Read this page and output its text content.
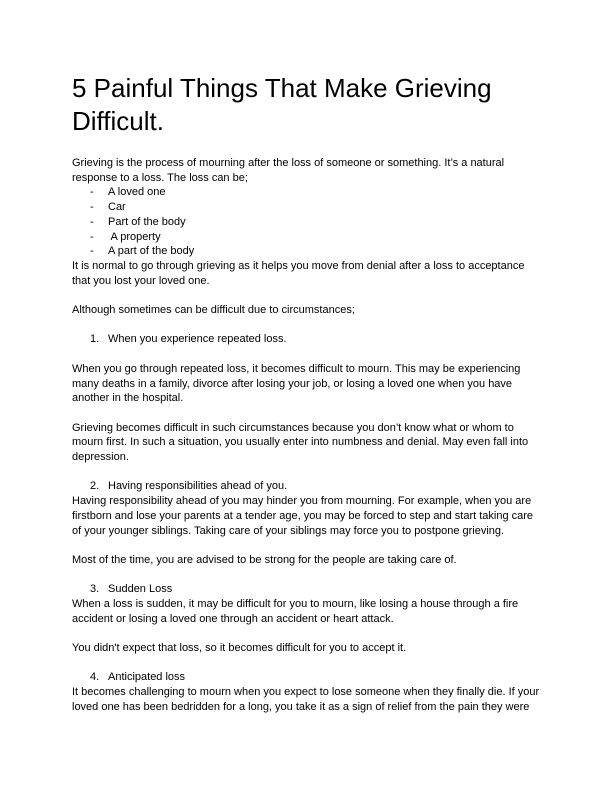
5 Painful Things That Make Grieving Difficult.

Grieving is the process of mourning after the loss of someone or something. It’s a natural response to a loss. The loss can be;

- A loved one
- Car
- Part of the body
- A property
- A part of the body

It is normal to go through grieving as it helps you move from denial after a loss to acceptance that you lost your loved one.

Although sometimes can be difficult due to circumstances;

1. When you experience repeated loss.

When you go through repeated loss, it becomes difficult to mourn. This may be experiencing many deaths in a family, divorce after losing your job, or losing a loved one when you have another in the hospital.

Grieving becomes difficult in such circumstances because you don’t know what or whom to mourn first. In such a situation, you usually enter into numbness and denial. May even fall into depression.

2. Having responsibilities ahead of you.

Having responsibility ahead of you may hinder you from mourning. For example, when you are firstborn and lose your parents at a tender age, you may be forced to step and start taking care of your younger siblings. Taking care of your siblings may force you to postpone grieving.

Most of the time, you are advised to be strong for the people are taking care of.

3. Sudden Loss

When a loss is sudden, it may be difficult for you to mourn, like losing a house through a fire accident or losing a loved one through an accident or heart attack.

You didn't expect that loss, so it becomes difficult for you to accept it.

4. Anticipated loss

It becomes challenging to mourn when you expect to lose someone when they finally die. If your loved one has been bedridden for a long, you take it as a sign of relief from the pain they were
